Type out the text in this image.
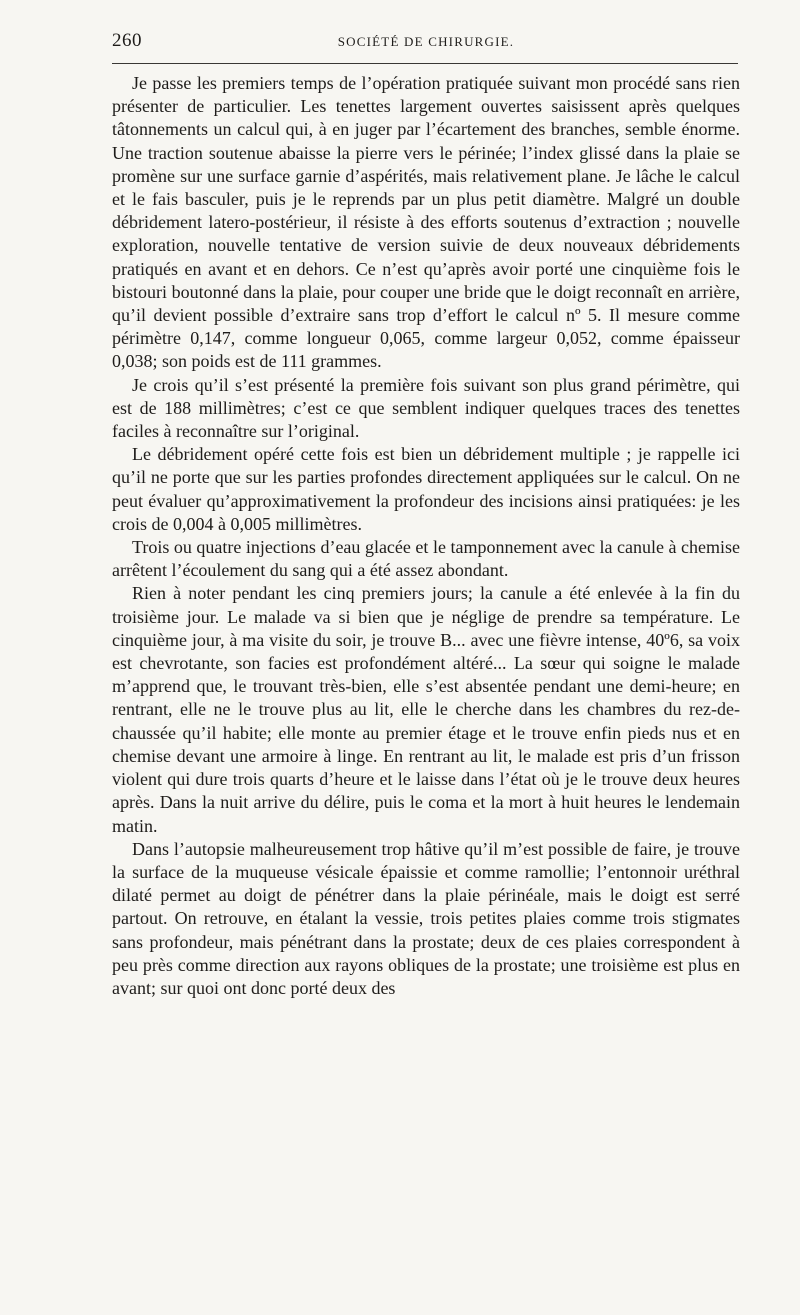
260	SOCIÉTÉ DE CHIRURGIE.

Je passe les premiers temps de l’opération pratiquée suivant mon procédé sans rien présenter de particulier. Les tenettes largement ouvertes saisissent après quelques tâtonnements un calcul qui, à en juger par l’écartement des branches, semble énorme. Une traction soutenue abaisse la pierre vers le périnée; l’index glissé dans la plaie se promène sur une surface garnie d’aspérités, mais relativement plane. Je lâche le calcul et le fais basculer, puis je le reprends par un plus petit diamètre. Malgré un double débridement latero-postérieur, il résiste à des efforts soutenus d’extraction ; nouvelle exploration, nouvelle tentative de version suivie de deux nouveaux débridements pratiqués en avant et en dehors. Ce n’est qu’après avoir porté une cinquième fois le bistouri boutonné dans la plaie, pour couper une bride que le doigt reconnaît en arrière, qu’il devient possible d’extraire sans trop d’effort le calcul nº 5. Il mesure comme périmètre 0,147, comme longueur 0,065, comme largeur 0,052, comme épaisseur 0,038; son poids est de 111 grammes.

Je crois qu’il s’est présenté la première fois suivant son plus grand périmètre, qui est de 188 millimètres; c’est ce que semblent indiquer quelques traces des tenettes faciles à reconnaître sur l’original.

Le débridement opéré cette fois est bien un débridement multiple ; je rappelle ici qu’il ne porte que sur les parties profondes directement appliquées sur le calcul. On ne peut évaluer qu’approximativement la profondeur des incisions ainsi pratiquées: je les crois de 0,004 à 0,005 millimètres.

Trois ou quatre injections d’eau glacée et le tamponnement avec la canule à chemise arrêtent l’écoulement du sang qui a été assez abondant.

Rien à noter pendant les cinq premiers jours; la canule a été enlevée à la fin du troisième jour. Le malade va si bien que je néglige de prendre sa température. Le cinquième jour, à ma visite du soir, je trouve B... avec une fièvre intense, 40º6, sa voix est chevrotante, son facies est profondément altéré... La sœur qui soigne le malade m’apprend que, le trouvant très-bien, elle s’est absentée pendant une demi-heure; en rentrant, elle ne le trouve plus au lit, elle le cherche dans les chambres du rez-de-chaussée qu’il habite; elle monte au premier étage et le trouve enfin pieds nus et en chemise devant une armoire à linge. En rentrant au lit, le malade est pris d’un frisson violent qui dure trois quarts d’heure et le laisse dans l’état où je le trouve deux heures après. Dans la nuit arrive du délire, puis le coma et la mort à huit heures le lendemain matin.

Dans l’autopsie malheureusement trop hâtive qu’il m’est possible de faire, je trouve la surface de la muqueuse vésicale épaissie et comme ramollie; l’entonnoir uréthral dilaté permet au doigt de pénétrer dans la plaie périnéale, mais le doigt est serré partout. On retrouve, en étalant la vessie, trois petites plaies comme trois stigmates sans profondeur, mais pénétrant dans la prostate; deux de ces plaies correspondent à peu près comme direction aux rayons obliques de la prostate; une troisième est plus en avant; sur quoi ont donc porté deux des
